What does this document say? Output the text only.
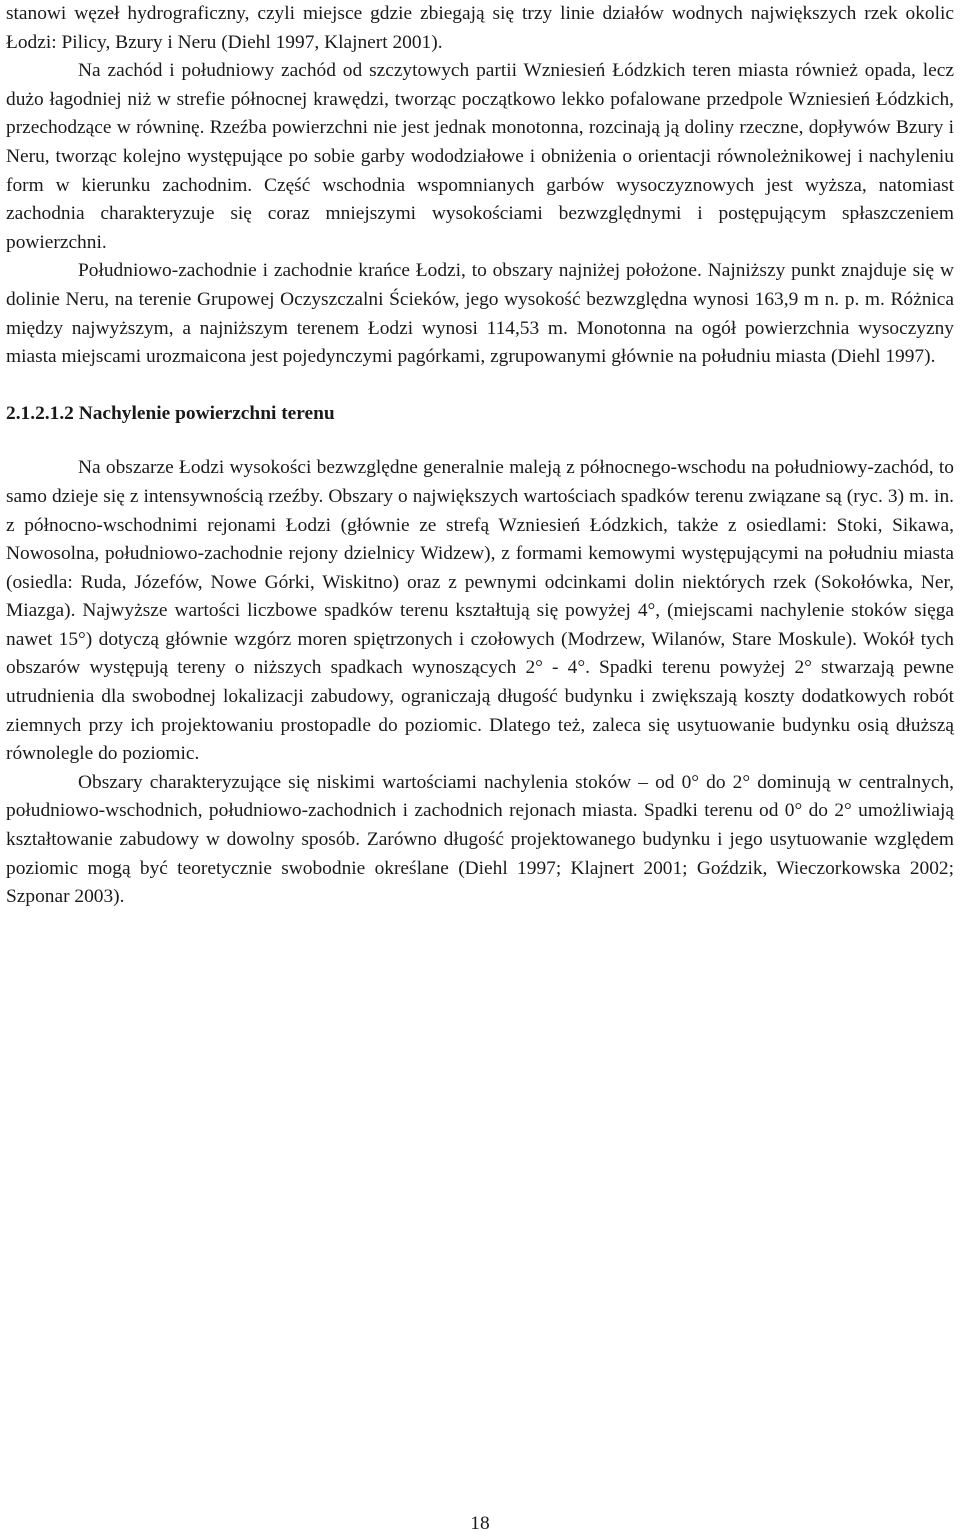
stanowi węzeł hydrograficzny, czyli miejsce gdzie zbiegają się trzy linie działów wodnych największych rzek okolic Łodzi: Pilicy, Bzury i Neru (Diehl 1997, Klajnert 2001).

Na zachód i południowy zachód od szczytowych partii Wzniesień Łódzkich teren miasta również opada, lecz dużo łagodniej niż w strefie północnej krawędzi, tworząc początkowo lekko pofalowane przedpole Wzniesień Łódzkich, przechodzące w równinę. Rzeźba powierzchni nie jest jednak monotonna, rozcinają ją doliny rzeczne, dopływów Bzury i Neru, tworząc kolejno występujące po sobie garby wododziałowe i obniżenia o orientacji równoleżnikowej i nachyleniu form w kierunku zachodnim. Część wschodnia wspomnianych garbów wysoczyznowych jest wyższa, natomiast zachodnia charakteryzuje się coraz mniejszymi wysokościami bezwzględnymi i postępującym spłaszczeniem powierzchni.

Południowo-zachodnie i zachodnie krańce Łodzi, to obszary najniżej położone. Najniższy punkt znajduje się w dolinie Neru, na terenie Grupowej Oczyszczalni Ścieków, jego wysokość bezwzględna wynosi 163,9 m n. p. m. Różnica między najwyższym, a najniższym terenem Łodzi wynosi 114,53 m. Monotonna na ogół powierzchnia wysoczyzny miasta miejscami urozmaicona jest pojedynczymi pagórkami, zgrupowanymi głównie na południu miasta (Diehl 1997).

2.1.2.1.2 Nachylenie powierzchni terenu

Na obszarze Łodzi wysokości bezwzględne generalnie maleją z północnego-wschodu na południowy-zachód, to samo dzieje się z intensywnością rzeźby. Obszary o największych wartościach spadków terenu związane są (ryc. 3) m. in. z północno-wschodnimi rejonami Łodzi (głównie ze strefą Wzniesień Łódzkich, także z osiedlami: Stoki, Sikawa, Nowosolna, południowo-zachodnie rejony dzielnicy Widzew), z formami kemowymi występującymi na południu miasta (osiedla: Ruda, Józefów, Nowe Górki, Wiskitno) oraz z pewnymi odcinkami dolin niektórych rzek (Sokołówka, Ner, Miazga). Najwyższe wartości liczbowe spadków terenu kształtują się powyżej 4°, (miejscami nachylenie stoków sięga nawet 15°) dotyczą głównie wzgórz moren spiętrzonych i czołowych (Modrzew, Wilanów, Stare Moskule). Wokół tych obszarów występują tereny o niższych spadkach wynoszących 2° - 4°. Spadki terenu powyżej 2° stwarzają pewne utrudnienia dla swobodnej lokalizacji zabudowy, ograniczają długość budynku i zwiększają koszty dodatkowych robót ziemnych przy ich projektowaniu prostopadle do poziomic. Dlatego też, zaleca się usytuowanie budynku osią dłuższą równolegle do poziomic.

Obszary charakteryzujące się niskimi wartościami nachylenia stoków – od 0° do 2° dominują w centralnych, południowo-wschodnich, południowo-zachodnich i zachodnich rejonach miasta. Spadki terenu od 0° do 2° umożliwiają kształtowanie zabudowy w dowolny sposób. Zarówno długość projektowanego budynku i jego usytuowanie względem poziomic mogą być teoretycznie swobodnie określane (Diehl 1997; Klajnert 2001; Goździk, Wieczorkowska 2002; Szponar 2003).

18
